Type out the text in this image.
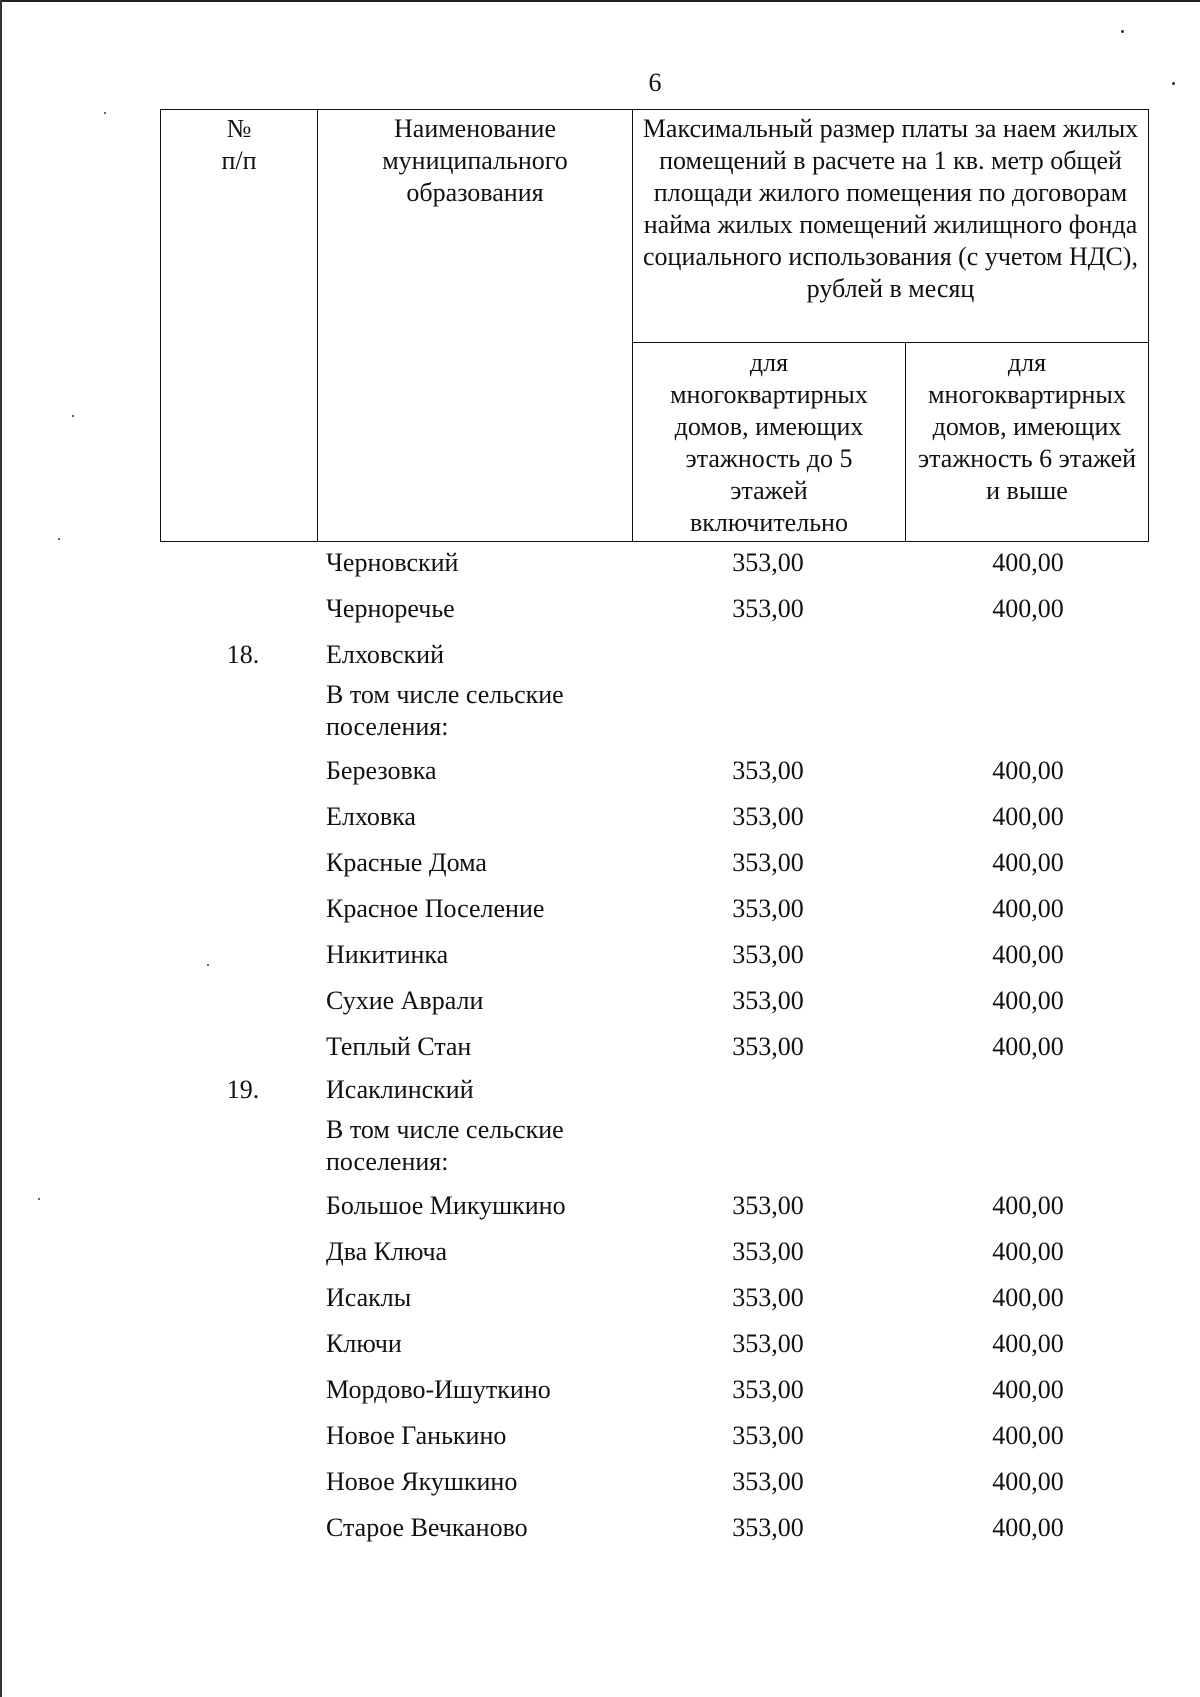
6
№
п/п	Наименование муниципального образования	Максимальный размер платы за наем жилых помещений в расчете на 1 кв. метр общей площади жилого помещения по договорам найма жилых помещений жилищного фонда социального использования (с учетом НДС), рублей в месяц	

		для многоквартирных домов, имеющих этажность до 5 этажей включительно	для многоквартирных домов, имеющих этажность 6 этажей и выше
Черновский	353,00	400,00
Черноречье	353,00	400,00
18.	Елховский
В том числе сельские поселения:
Березовка	353,00	400,00
Елховка	353,00	400,00
Красные Дома	353,00	400,00
Красное Поселение	353,00	400,00
Никитинка	353,00	400,00
Сухие Аврали	353,00	400,00
Теплый Стан	353,00	400,00
19.	Исаклинский
В том числе сельские поселения:
Большое Микушкино	353,00	400,00
Два Ключа	353,00	400,00
Исаклы	353,00	400,00
Ключи	353,00	400,00
Мордово-Ишуткино	353,00	400,00
Новое Ганькино	353,00	400,00
Новое Якушкино	353,00	400,00
Старое Вечканово	353,00	400,00
